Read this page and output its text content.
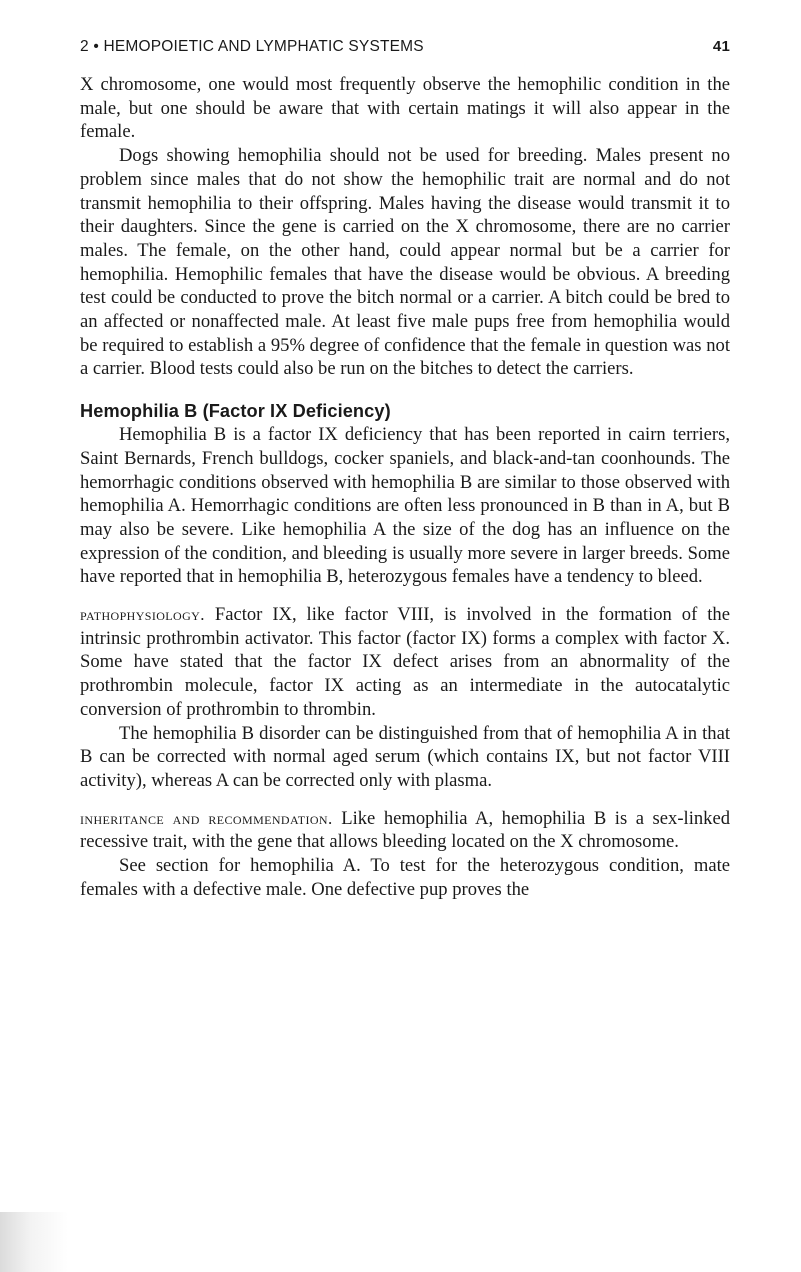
2 • HEMOPOIETIC AND LYMPHATIC SYSTEMS	41

X chromosome, one would most frequently observe the hemophilic condition in the male, but one should be aware that with certain matings it will also appear in the female.

Dogs showing hemophilia should not be used for breeding. Males present no problem since males that do not show the hemophilic trait are normal and do not transmit hemophilia to their offspring. Males having the disease would transmit it to their daughters. Since the gene is carried on the X chromosome, there are no carrier males. The female, on the other hand, could appear normal but be a carrier for hemophilia. Hemophilic females that have the disease would be obvious. A breeding test could be conducted to prove the bitch normal or a carrier. A bitch could be bred to an affected or nonaffected male. At least five male pups free from hemophilia would be required to establish a 95% degree of confidence that the female in question was not a carrier. Blood tests could also be run on the bitches to detect the carriers.

Hemophilia B (Factor IX Deficiency)

Hemophilia B is a factor IX deficiency that has been reported in cairn terriers, Saint Bernards, French bulldogs, cocker spaniels, and black-and-tan coonhounds. The hemorrhagic conditions observed with hemophilia B are similar to those observed with hemophilia A. Hemorrhagic conditions are often less pronounced in B than in A, but B may also be severe. Like hemophilia A the size of the dog has an influence on the expression of the condition, and bleeding is usually more severe in larger breeds. Some have reported that in hemophilia B, heterozygous females have a tendency to bleed.

pathophysiology. Factor IX, like factor VIII, is involved in the formation of the intrinsic prothrombin activator. This factor (factor IX) forms a complex with factor X. Some have stated that the factor IX defect arises from an abnormality of the prothrombin molecule, factor IX acting as an intermediate in the autocatalytic conversion of prothrombin to thrombin.

The hemophilia B disorder can be distinguished from that of hemophilia A in that B can be corrected with normal aged serum (which contains IX, but not factor VIII activity), whereas A can be corrected only with plasma.

inheritance and recommendation. Like hemophilia A, hemophilia B is a sex-linked recessive trait, with the gene that allows bleeding located on the X chromosome.

See section for hemophilia A. To test for the heterozygous condition, mate females with a defective male. One defective pup proves the
